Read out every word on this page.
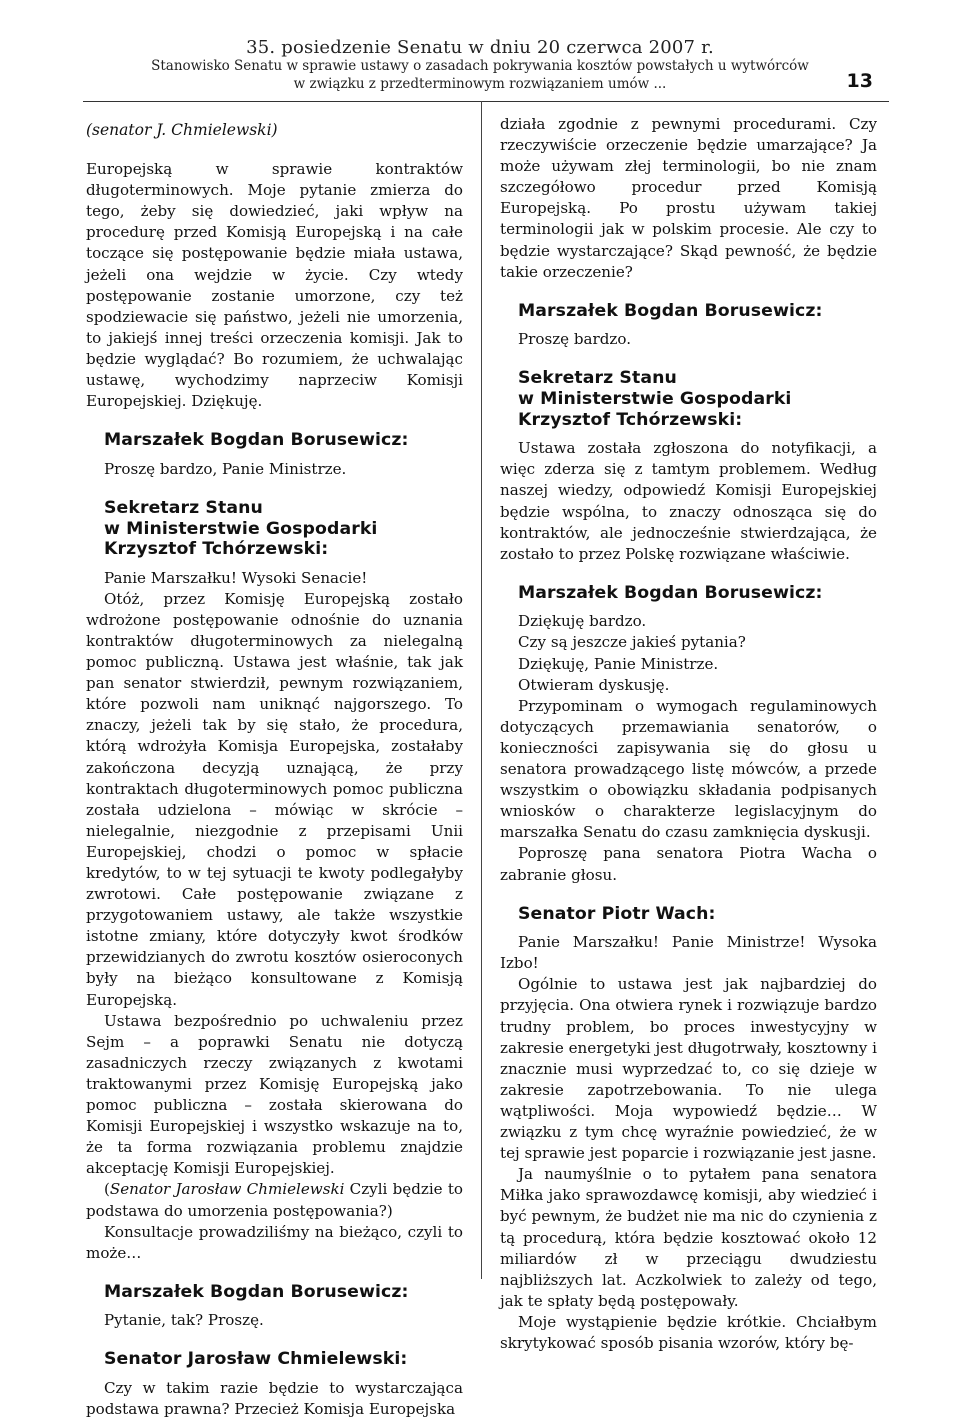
35. posiedzenie Senatu w dniu 20 czerwca 2007 r.
Stanowisko Senatu w sprawie ustawy o zasadach pokrywania kosztów powstałych u wytwórców
w związku z przedterminowym rozwiązaniem umów ...	13
(senator J. Chmielewski)

Europejską w sprawie kontraktów długoterminowych. Moje pytanie zmierza do tego, żeby się dowiedzieć, jaki wpływ na procedurę przed Komisją Europejską i na całe toczące się postępowanie będzie miała ustawa, jeżeli ona wejdzie w życie. Czy wtedy postępowanie zostanie umorzone, czy też spodziewacie się państwo, jeżeli nie umorzenia, to jakiejś innej treści orzeczenia komisji. Jak to będzie wyglądać? Bo rozumiem, że uchwalając ustawę, wychodzimy naprzeciw Komisji Europejskiej. Dziękuję.

Marszałek Bogdan Borusewicz:

Proszę bardzo, Panie Ministrze.

Sekretarz Stanu
w Ministerstwie Gospodarki
Krzysztof Tchórzewski:

Panie Marszałku! Wysoki Senacie!

Otóż, przez Komisję Europejską zostało wdrożone postępowanie odnośnie do uznania kontraktów długoterminowych za nielegalną pomoc publiczną. Ustawa jest właśnie, tak jak pan senator stwierdził, pewnym rozwiązaniem, które pozwoli nam uniknąć najgorszego. To znaczy, jeżeli tak by się stało, że procedura, którą wdrożyła Komisja Europejska, zostałaby zakończona decyzją uznającą, że przy kontraktach długoterminowych pomoc publiczna została udzielona – mówiąc w skrócie – nielegalnie, niezgodnie z przepisami Unii Europejskiej, chodzi o pomoc w spłacie kredytów, to w tej sytuacji te kwoty podlegałyby zwrotowi. Całe postępowanie związane z przygotowaniem ustawy, ale także wszystkie istotne zmiany, które dotyczyły kwot środków przewidzianych do zwrotu kosztów osieroconych były na bieżąco konsultowane z Komisją Europejską.

Ustawa bezpośrednio po uchwaleniu przez Sejm – a poprawki Senatu nie dotyczą zasadniczych rzeczy związanych z kwotami traktowanymi przez Komisję Europejską jako pomoc publiczna – została skierowana do Komisji Europejskiej i wszystko wskazuje na to, że ta forma rozwiązania problemu znajdzie akceptację Komisji Europejskiej.

(Senator Jarosław Chmielewski Czyli będzie to podstawa do umorzenia postępowania?)

Konsultacje prowadziliśmy na bieżąco, czyli to może…

Marszałek Bogdan Borusewicz:

Pytanie, tak? Proszę.

Senator Jarosław Chmielewski:

Czy w takim razie będzie to wystarczająca podstawa prawna? Przecież Komisja Europejska

działa zgodnie z pewnymi procedurami. Czy rzeczywiście orzeczenie będzie umarzające? Ja może używam złej terminologii, bo nie znam szczegółowo procedur przed Komisją Europejską. Po prostu używam takiej terminologii jak w polskim procesie. Ale czy to będzie wystarczające? Skąd pewność, że będzie takie orzeczenie?

Marszałek Bogdan Borusewicz:

Proszę bardzo.

Sekretarz Stanu
w Ministerstwie Gospodarki
Krzysztof Tchórzewski:

Ustawa została zgłoszona do notyfikacji, a więc zderza się z tamtym problemem. Według naszej wiedzy, odpowiedź Komisji Europejskiej będzie wspólna, to znaczy odnosząca się do kontraktów, ale jednocześnie stwierdzająca, że zostało to przez Polskę rozwiązane właściwie.

Marszałek Bogdan Borusewicz:

Dziękuję bardzo.

Czy są jeszcze jakieś pytania?

Dziękuję, Panie Ministrze.

Otwieram dyskusję.

Przypominam o wymogach regulaminowych dotyczących przemawiania senatorów, o konieczności zapisywania się do głosu u senatora prowadzącego listę mówców, a przede wszystkim o obowiązku składania podpisanych wniosków o charakterze legislacyjnym do marszałka Senatu do czasu zamknięcia dyskusji.

Poproszę pana senatora Piotra Wacha o zabranie głosu.

Senator Piotr Wach:

Panie Marszałku! Panie Ministrze! Wysoka Izbo!

Ogólnie to ustawa jest jak najbardziej do przyjęcia. Ona otwiera rynek i rozwiązuje bardzo trudny problem, bo proces inwestycyjny w zakresie energetyki jest długotrwały, kosztowny i znacznie musi wyprzedzać to, co się dzieje w zakresie zapotrzebowania. To nie ulega wątpliwości. Moja wypowiedź będzie… W związku z tym chcę wyraźnie powiedzieć, że w tej sprawie jest poparcie i rozwiązanie jest jasne.

Ja naumyślnie o to pytałem pana senatora Miłka jako sprawozdawcę komisji, aby wiedzieć i być pewnym, że budżet nie ma nic do czynienia z tą procedurą, która będzie kosztować około 12 miliardów zł w przeciągu dwudziestu najbliższych lat. Aczkolwiek to zależy od tego, jak te spłaty będą postępowały.

Moje wystąpienie będzie krótkie. Chciałbym skrytykować sposób pisania wzorów, który bę-
